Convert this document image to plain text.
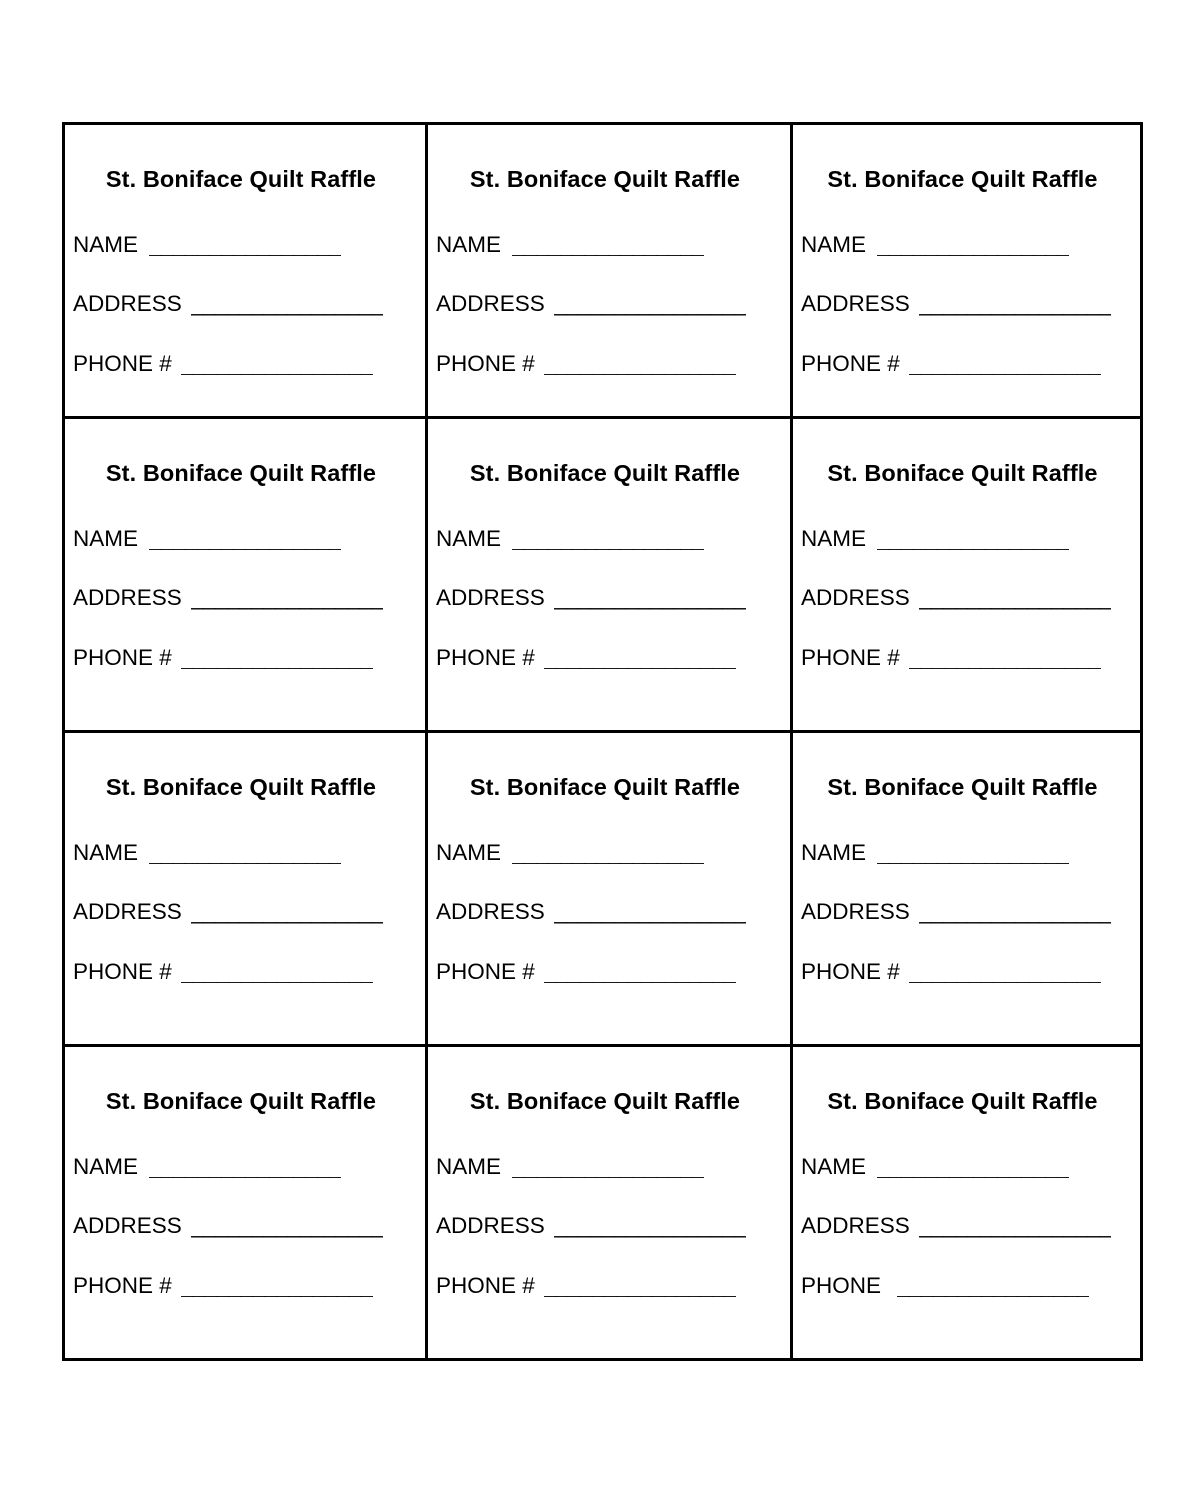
St. Boniface Quilt Raffle
NAME ________________
ADDRESS ________________
PHONE # ________________

St. Boniface Quilt Raffle
NAME ________________
ADDRESS ________________
PHONE # ________________

St. Boniface Quilt Raffle
NAME ________________
ADDRESS ________________
PHONE # ________________

St. Boniface Quilt Raffle
NAME ________________
ADDRESS ________________
PHONE # ________________

St. Boniface Quilt Raffle
NAME ________________
ADDRESS ________________
PHONE # ________________

St. Boniface Quilt Raffle
NAME ________________
ADDRESS ________________
PHONE # ________________

St. Boniface Quilt Raffle
NAME ________________
ADDRESS ________________
PHONE # ________________

St. Boniface Quilt Raffle
NAME ________________
ADDRESS ________________
PHONE # ________________

St. Boniface Quilt Raffle
NAME ________________
ADDRESS ________________
PHONE # ________________

St. Boniface Quilt Raffle
NAME ________________
ADDRESS ________________
PHONE # ________________

St. Boniface Quilt Raffle
NAME ________________
ADDRESS ________________
PHONE # ________________

St. Boniface Quilt Raffle
NAME ________________
ADDRESS ________________
PHONE ________________
